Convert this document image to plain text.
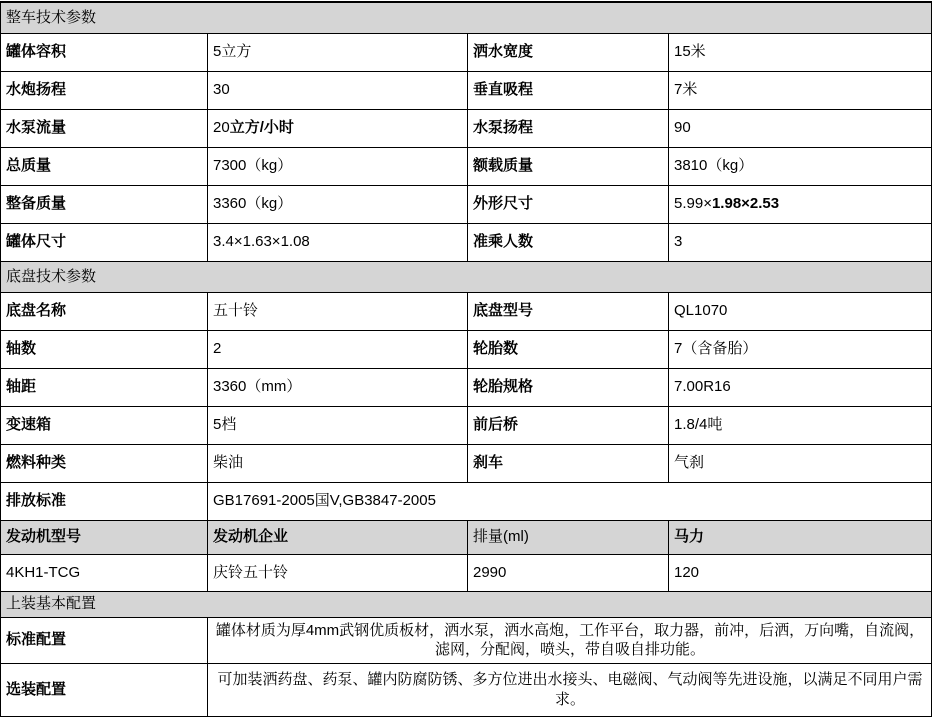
整车技术参数			
罐体容积	5立方	洒水宽度	15米
水炮扬程	30	垂直吸程	7米
水泵流量	20立方/小时	水泵扬程	90
总质量	7300（kg）	额载质量	3810（kg）
整备质量	3360（kg）	外形尺寸	5.99×1.98×2.53
罐体尺寸	3.4×1.63×1.08	准乘人数	3
底盘技术参数			
底盘名称	五十铃	底盘型号	QL1070
轴数	2	轮胎数	7（含备胎）
轴距	3360（mm）	轮胎规格	7.00R16
变速箱	5档	前后桥	1.8/4吨
燃料种类	柴油	刹车	气刹
排放标准	GB17691-2005国V,GB3847-2005		
发动机型号	发动机企业	排量(ml)	马力
4KH1-TCG	庆铃五十铃	2990	120
上装基本配置			
标准配置	罐体材质为厚4mm武钢优质板材，洒水泵，洒水高炮，工作平台，取力器，前冲，后洒，万向嘴，自流阀，滤网，分配阀，喷头，带自吸自排功能。		
选装配置	可加装洒药盘、药泵、罐内防腐防锈、多方位进出水接头、电磁阀、气动阀等先进设施，以满足不同用户需求。		
